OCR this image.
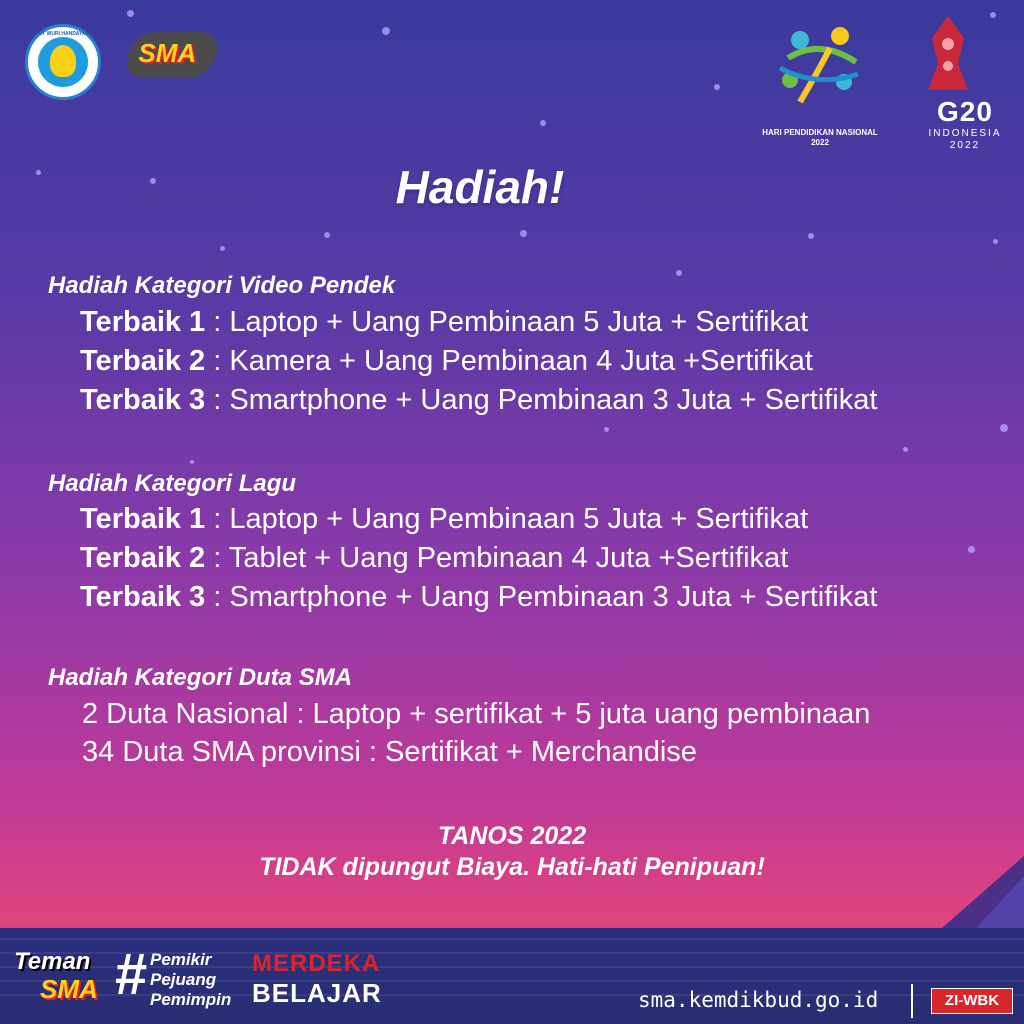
TUT WURI HANDAYANI
SMA
HARI PENDIDIKAN NASIONAL
2022
G20
INDONESIA
2022
Hadiah!
Hadiah Kategori Video Pendek
Terbaik 1 : Laptop + Uang Pembinaan 5 Juta + Sertifikat
Terbaik 2 : Kamera + Uang Pembinaan 4 Juta +Sertifikat
Terbaik 3 : Smartphone + Uang Pembinaan 3 Juta + Sertifikat
Hadiah Kategori Lagu
Terbaik 1 : Laptop + Uang Pembinaan 5 Juta + Sertifikat
Terbaik 2 : Tablet + Uang Pembinaan 4 Juta +Sertifikat
Terbaik 3 : Smartphone + Uang Pembinaan 3 Juta + Sertifikat
Hadiah Kategori Duta SMA
2 Duta Nasional : Laptop + sertifikat + 5 juta uang pembinaan
34 Duta SMA provinsi : Sertifikat + Merchandise
TANOS 2022
TIDAK dipungut Biaya. Hati-hati Penipuan!
Teman
SMA # Pemikir
Pejuang
Pemimpin
MERDEKA
BELAJAR	sma.kemdikbud.go.id	ZI-WBK
